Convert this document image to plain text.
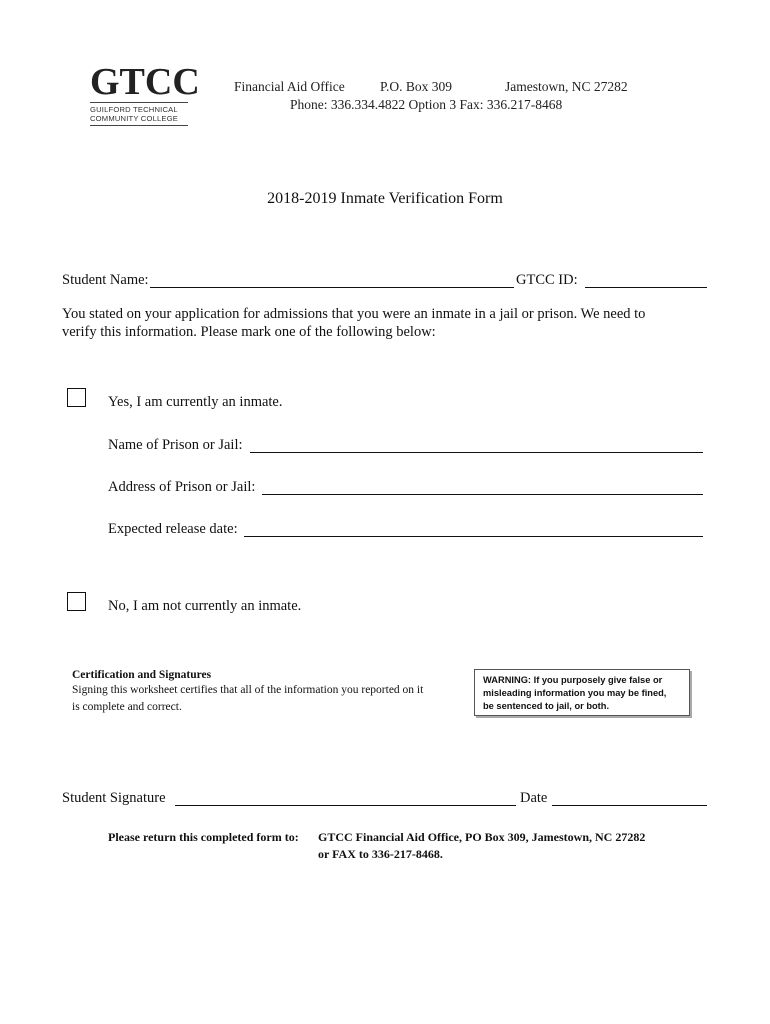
GTCC
GUILFORD TECHNICAL
COMMUNITY COLLEGE
Financial Aid Office	P.O. Box 309	Jamestown, NC 27282
Phone: 336.334.4822 Option 3 Fax: 336.217-8468
2018-2019 Inmate Verification Form
Student Name:	GTCC ID:
You stated on your application for admissions that you were an inmate in a jail or prison. We need to
verify this information. Please mark one of the following below:
Yes, I am currently an inmate.
Name of Prison or Jail:
Address of Prison or Jail:
Expected release date:
No, I am not currently an inmate.
Certification and Signatures
Signing this worksheet certifies that all of the information you reported on it
is complete and correct.
WARNING: If you purposely give false or
misleading information you may be fined,
be sentenced to jail, or both.
Student Signature	Date
Please return this completed form to: GTCC Financial Aid Office, PO Box 309, Jamestown, NC 27282
or FAX to 336-217-8468.
